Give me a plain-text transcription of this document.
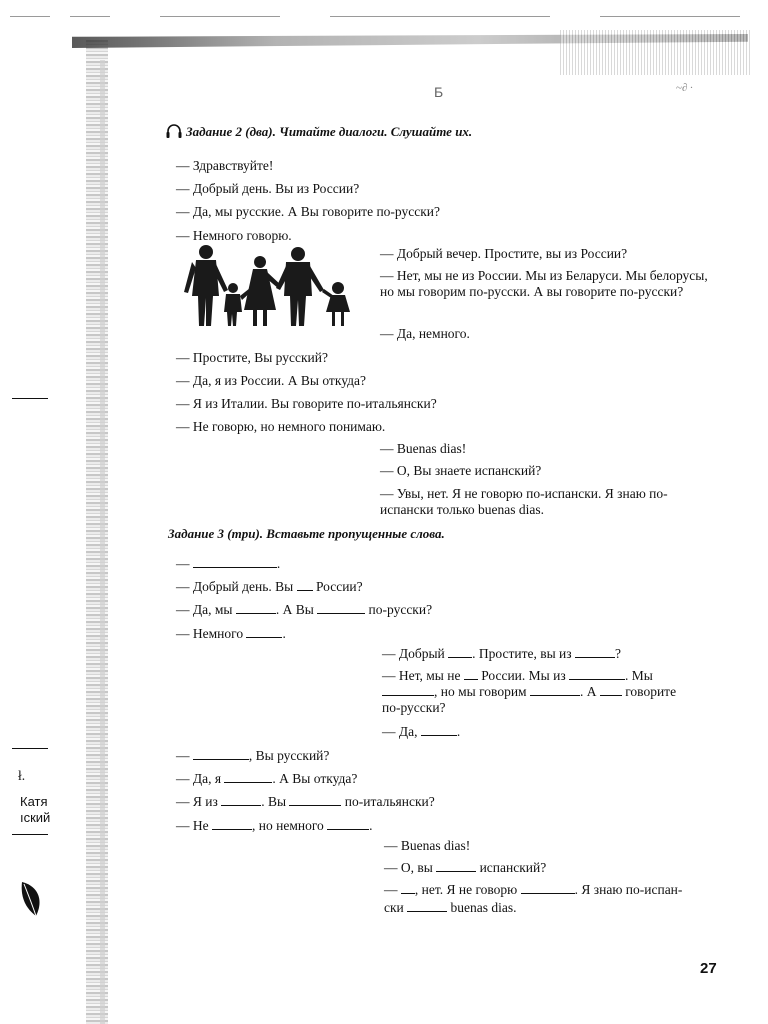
ł.
Катя
ıский
Б	~∂ ∙
Задание 2 (два). Читайте диалоги. Слушайте их.
— Здравствуйте!
— Добрый день. Вы из России?
— Да, мы русские. А Вы говорите по-русски?
— Немного говорю.
— Добрый вечер. Простите, вы из России?
— Нет, мы не из России. Мы из Беларуси. Мы белорусы, но мы говорим по-русски. А вы говорите по-русски?
— Да, немного.
— Простите, Вы русский?
— Да, я из России. А Вы откуда?
— Я из Италии. Вы говорите по-итальянски?
— Не говорю, но немного понимаю.
— Buenas dias!
— О, Вы знаете испанский?
— Увы, нет. Я не говорю по-испански. Я знаю по-испански только buenas dias.
Задание 3 (три). Вставьте пропущенные слова.
—	.
— Добрый день. Вы России?
— Да, мы	. А Вы	по-русски?
— Немного	.
— Добрый . Простите, вы из	?
— Нет, мы не России. Мы из	. Мы
, но мы говорим	. А говорите
по-русски?
— Да,	.
—	, Вы русский?
— Да, я	. А Вы откуда?
— Я из	. Вы	по-итальянски?
— Не	, но немного	.
— Buenas dias!
— О, вы	испанский?
— , нет. Я не говорю	. Я знаю по-испан-
ски	buenas dias.
27
